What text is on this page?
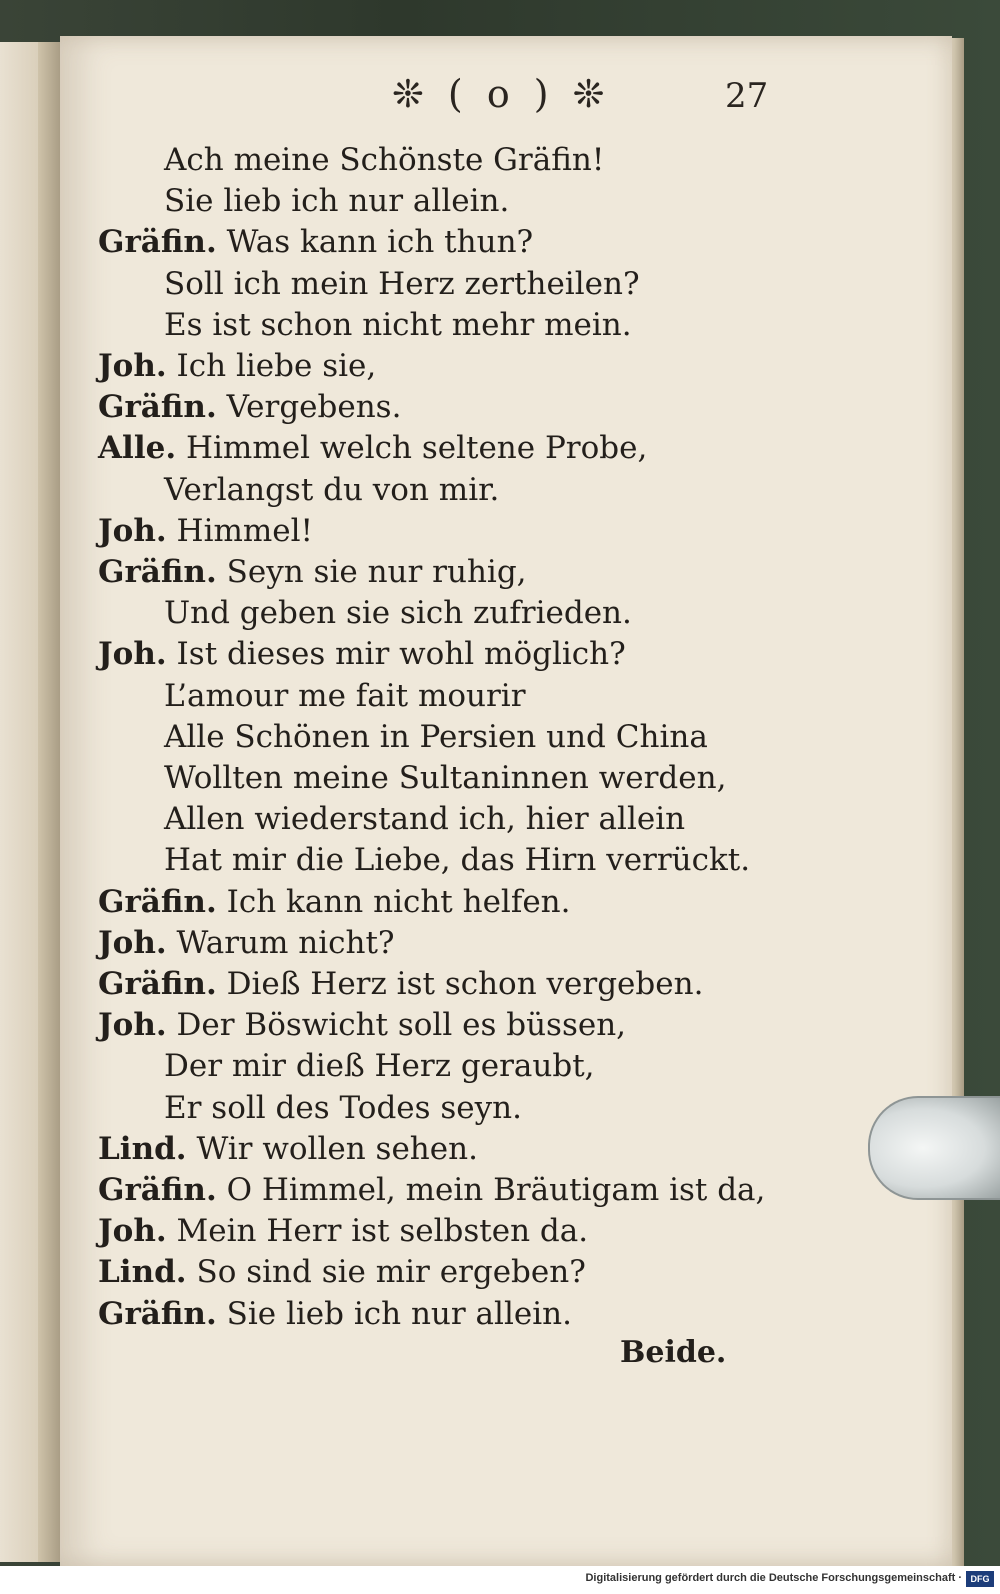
❊ ( o ) ❊	27
Ach meine Schönste Gräfin!
Sie lieb ich nur allein.
Gräfin. Was kann ich thun?
Soll ich mein Herz zertheilen?
Es ist schon nicht mehr mein.
Joh. Ich liebe sie,
Gräfin. Vergebens.
Alle. Himmel welch seltene Probe,
Verlangst du von mir.
Joh. Himmel!
Gräfin. Seyn sie nur ruhig,
Und geben sie sich zufrieden.
Joh. Ist dieses mir wohl möglich?
L’amour me fait mourir
Alle Schönen in Persien und China
Wollten meine Sultaninnen werden,
Allen wiederstand ich, hier allein
Hat mir die Liebe, das Hirn verrückt.
Gräfin. Ich kann nicht helfen.
Joh. Warum nicht?
Gräfin. Dieß Herz ist schon vergeben.
Joh. Der Böswicht soll es büssen,
Der mir dieß Herz geraubt,
Er soll des Todes seyn.
Lind. Wir wollen sehen.
Gräfin. O Himmel, mein Bräutigam ist da,
Joh. Mein Herr ist selbsten da.
Lind. So sind sie mir ergeben?
Gräfin. Sie lieb ich nur allein.
Beide.
Digitalisierung gefördert durch die Deutsche Forschungsgemeinschaft · DFG
